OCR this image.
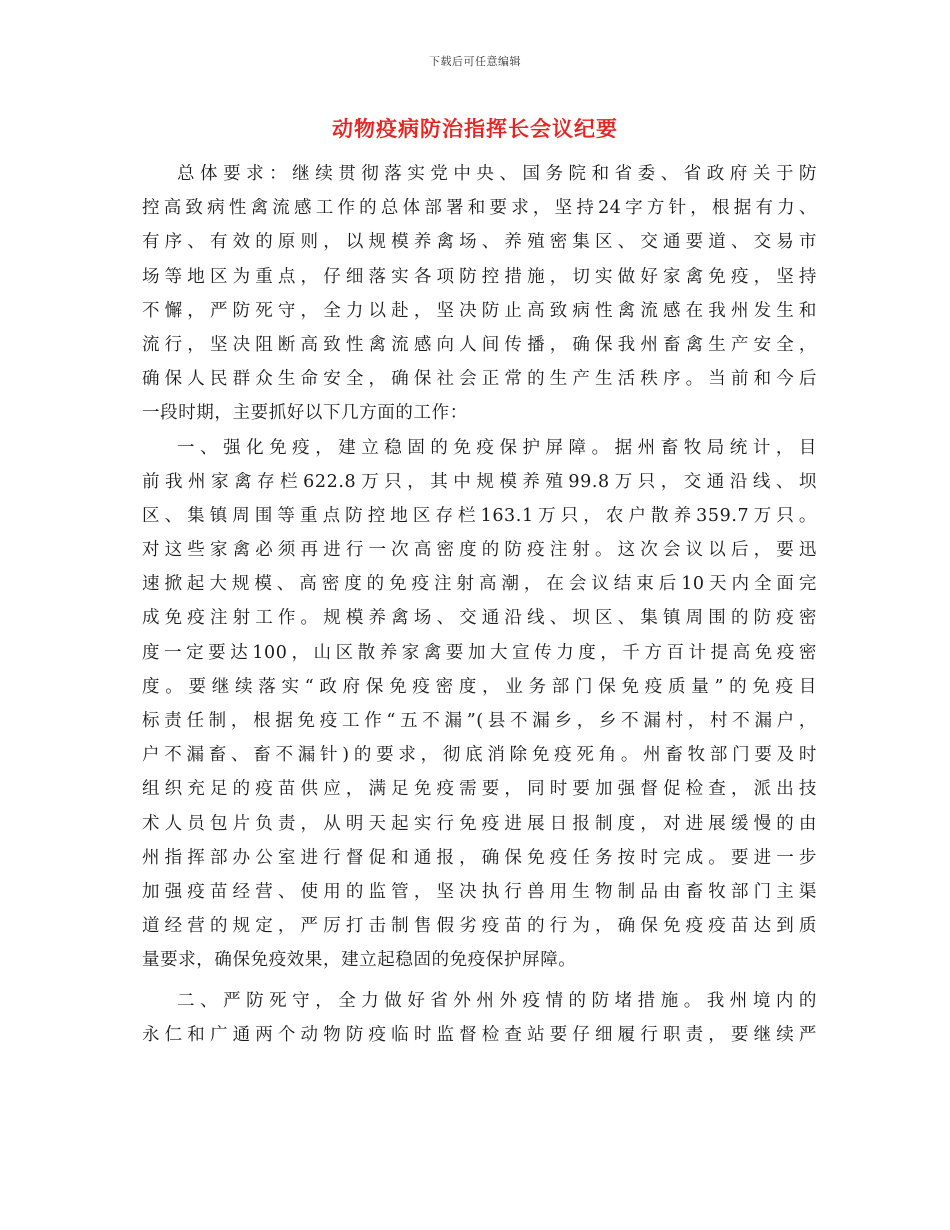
下载后可任意编辑
动物疫病防治指挥长会议纪要
总体要求：继续贯彻落实党中央、国务院和省委、省政府关于防
控高致病性禽流感工作的总体部署和要求，坚持24字方针，根据有力、
有序、有效的原则，以规模养禽场、养殖密集区、交通要道、交易市
场等地区为重点，仔细落实各项防控措施，切实做好家禽免疫，坚持
不懈，严防死守，全力以赴，坚决防止高致病性禽流感在我州发生和
流行，坚决阻断高致性禽流感向人间传播，确保我州畜禽生产安全，
确保人民群众生命安全，确保社会正常的生产生活秩序。当前和今后
一段时期，主要抓好以下几方面的工作：
一、强化免疫，建立稳固的免疫保护屏障。据州畜牧局统计，目
前我州家禽存栏622.8万只，其中规模养殖99.8万只，交通沿线、坝
区、集镇周围等重点防控地区存栏163.1万只，农户散养359.7万只。
对这些家禽必须再进行一次高密度的防疫注射。这次会议以后，要迅
速掀起大规模、高密度的免疫注射高潮，在会议结束后10天内全面完
成免疫注射工作。规模养禽场、交通沿线、坝区、集镇周围的防疫密
度一定要达100，山区散养家禽要加大宣传力度，千方百计提高免疫密
度。要继续落实“政府保免疫密度，业务部门保免疫质量”的免疫目
标责任制，根据免疫工作“五不漏”(县不漏乡，乡不漏村，村不漏户，
户不漏畜、畜不漏针)的要求，彻底消除免疫死角。州畜牧部门要及时
组织充足的疫苗供应，满足免疫需要，同时要加强督促检查，派出技
术人员包片负责，从明天起实行免疫进展日报制度，对进展缓慢的由
州指挥部办公室进行督促和通报，确保免疫任务按时完成。要进一步
加强疫苗经营、使用的监管，坚决执行兽用生物制品由畜牧部门主渠
道经营的规定，严厉打击制售假劣疫苗的行为，确保免疫疫苗达到质
量要求，确保免疫效果，建立起稳固的免疫保护屏障。
二、严防死守，全力做好省外州外疫情的防堵措施。我州境内的
永仁和广通两个动物防疫临时监督检查站要仔细履行职责，要继续严
